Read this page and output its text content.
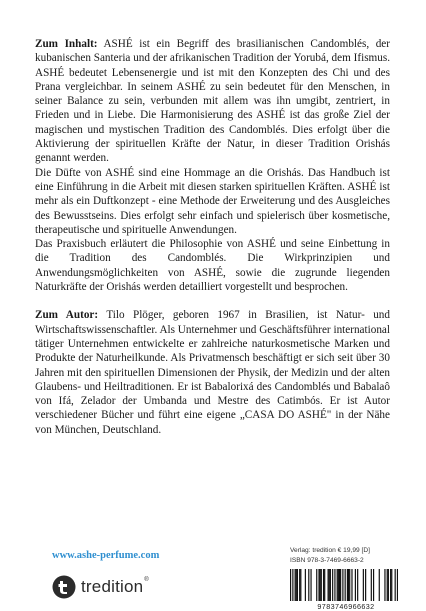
Zum Inhalt: ASHÉ ist ein Begriff des brasilianischen Candomblés, der kubanischen Santeria und der afrikanischen Tradition der Yorubá, dem Ifismus. ASHÉ bedeutet Lebensenergie und ist mit den Konzepten des Chi und des Prana vergleichbar. In seinem ASHÉ zu sein bedeutet für den Menschen, in seiner Balance zu sein, verbunden mit allem was ihn umgibt, zentriert, in Frieden und in Liebe. Die Harmonisierung des ASHÉ ist das große Ziel der magischen und mystischen Tradition des Candomblés. Dies erfolgt über die Aktivierung der spirituellen Kräfte der Natur, in dieser Tradition Orishás genannt werden.

Die Düfte von ASHÉ sind eine Hommage an die Orishás. Das Handbuch ist eine Einführung in die Arbeit mit diesen starken spirituellen Kräften. ASHÉ ist mehr als ein Duftkonzept - eine Methode der Erweiterung und des Ausgleiches des Bewusstseins. Dies erfolgt sehr einfach und spielerisch über kosmetische, therapeutische und spirituelle Anwendungen.

Das Praxisbuch erläutert die Philosophie von ASHÉ und seine Einbettung in die Tradition des Candomblés. Die Wirkprinzipien und Anwendungsmöglichkeiten von ASHÉ, sowie die zugrunde liegenden Naturkräfte der Orishás werden detailliert vorgestellt und besprochen.

Zum Autor: Tilo Plöger, geboren 1967 in Brasilien, ist Natur- und Wirtschaftswissenschaftler. Als Unternehmer und Geschäftsführer international tätiger Unternehmen entwickelte er zahlreiche naturkosmetische Marken und Produkte der Naturheilkunde. Als Privatmensch beschäftigt er sich seit über 30 Jahren mit den spirituellen Dimensionen der Physik, der Medizin und der alten Glaubens- und Heiltraditionen. Er ist Babalorixá des Candomblés und Babalaô von Ifá, Zelador der Umbanda und Mestre des Catimbós. Er ist Autor verschiedener Bücher und führt eine eigene „CASA DO ASHÉ" in der Nähe von München, Deutschland.

www.ashe-perfume.com
tredition®
Verlag: tredition € 19,99 [D]
ISBN 978-3-7469-6663-2
9783746966632
